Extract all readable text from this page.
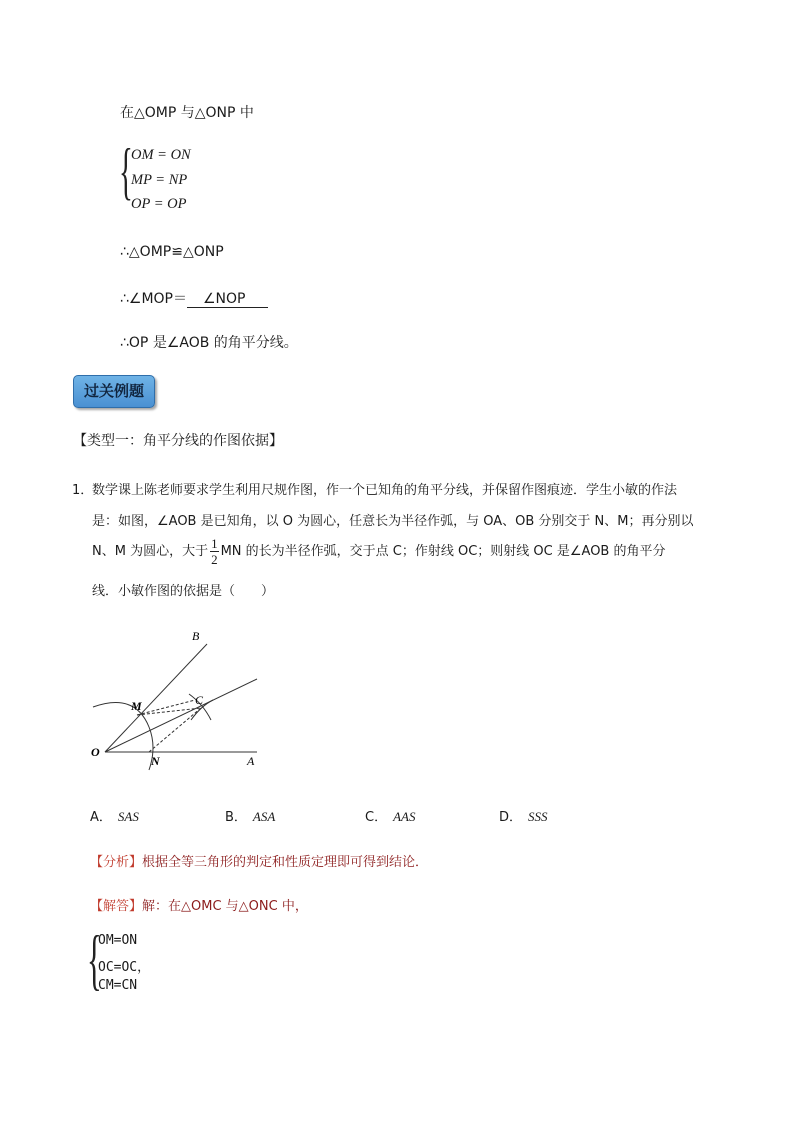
在△OMP 与△ONP 中
{
OM = ON
MP = NP
OP = OP
∴△OMP≌△ONP
∴∠MOP＝ ∠NOP
∴OP 是∠AOB 的角平分线。
过关例题
【类型一：角平分线的作图依据】
1．
数学课上陈老师要求学生利用尺规作图，作一个已知角的角平分线，并保留作图痕迹．学生小敏的作法
是：如图，∠AOB 是已知角，以 O 为圆心，任意长为半径作弧，与 OA、OB 分别交于 N、M；再分别以
N、M 为圆心，大于 $\frac{1}{2}$ MN 的长为半径作弧，交于点 C；作射线 OC；则射线 OC 是∠AOB 的角平分
线．小敏作图的依据是（　　）
O
A
B
M
N
C
A． SAS	B． ASA	C． AAS	D． SSS
【分析】根据全等三角形的判定和性质定理即可得到结论．
【解答】解：在△OMC 与△ONC 中，
{
OM=ON
OC=OC，
CM=CN
